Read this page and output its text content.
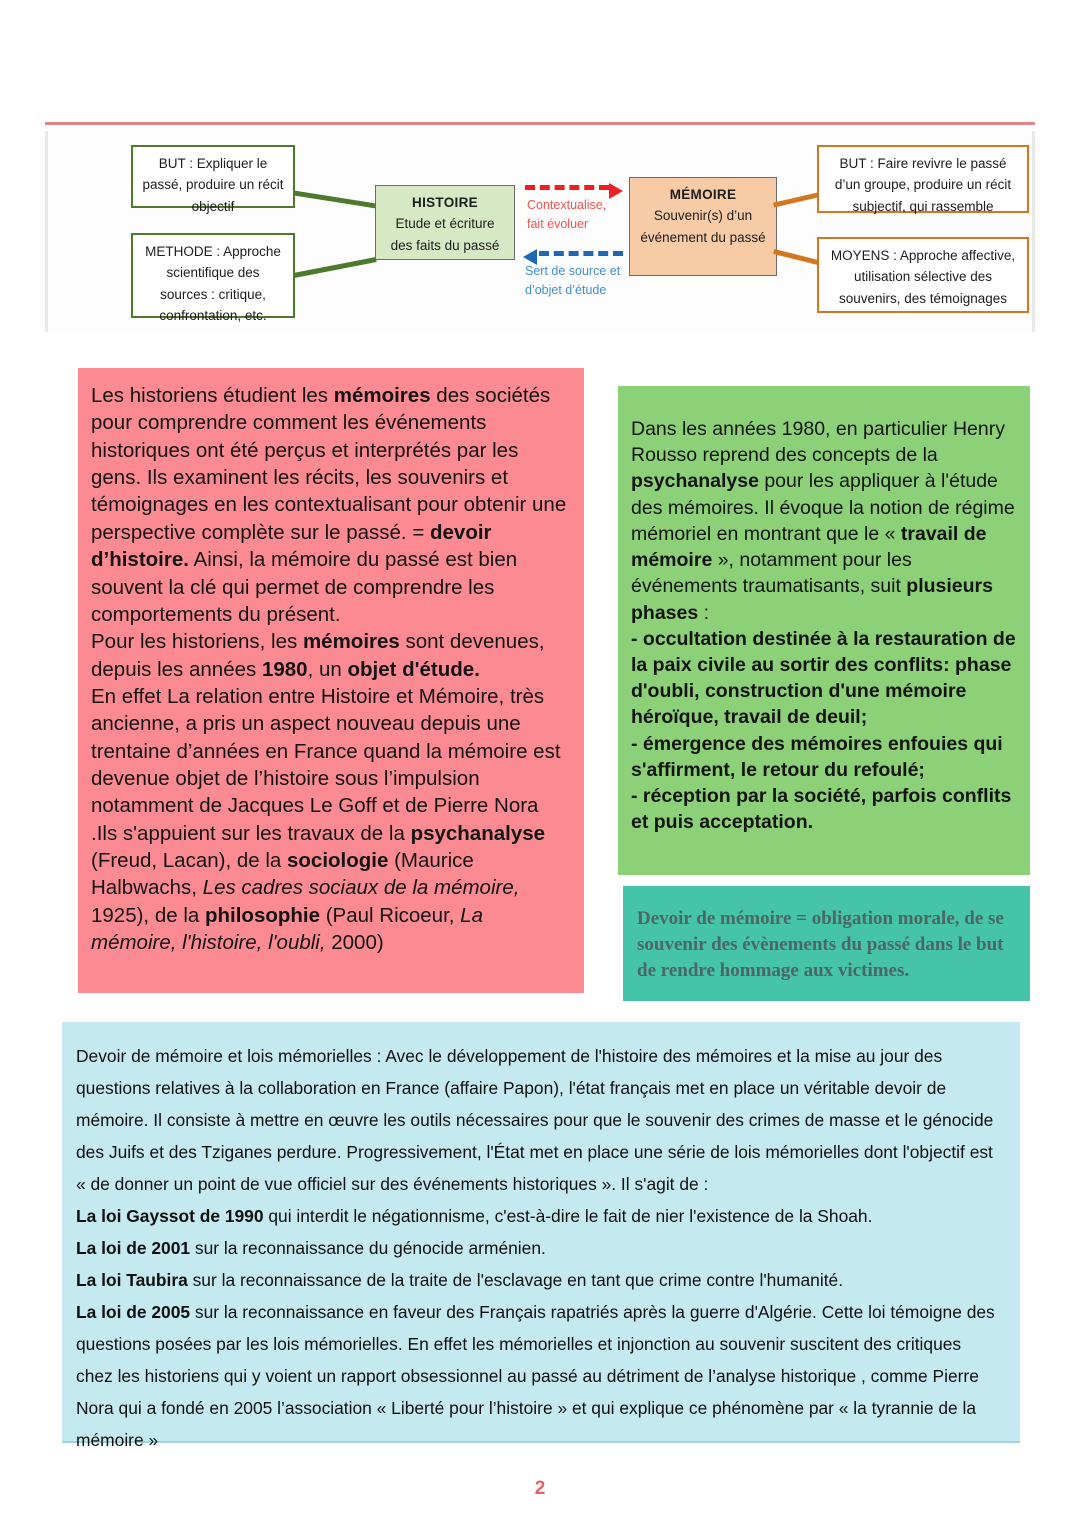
BUT : Expliquer le passé, produire un récit objectif
METHODE : Approche scientifique des sources : critique, confrontation, etc.
HISTOIRE
Etude et écriture des faits du passé
Contextualise, fait évoluer
Sert de source et d’objet d’étude
MÉMOIRE
Souvenir(s) d’un événement du passé
BUT : Faire revivre le passé d’un groupe, produire un récit subjectif, qui rassemble
MOYENS : Approche affective, utilisation sélective des souvenirs, des témoignages

Les historiens étudient les mémoires des sociétés pour comprendre comment les événements historiques ont été perçus et interprétés par les gens. Ils examinent les récits, les souvenirs et témoignages en les contextualisant pour obtenir une perspective complète sur le passé. = devoir d’histoire. Ainsi, la mémoire du passé est bien souvent la clé qui permet de comprendre les comportements du présent.

Pour les historiens, les mémoires sont devenues, depuis les années 1980, un objet d'étude.

En effet La relation entre Histoire et Mémoire, très ancienne, a pris un aspect nouveau depuis une trentaine d’années en France quand la mémoire est devenue objet de l’histoire sous l’impulsion notamment de Jacques Le Goff et de Pierre Nora .Ils s'appuient sur les travaux de la psychanalyse (Freud, Lacan), de la sociologie (Maurice Halbwachs, Les cadres sociaux de la mémoire, 1925), de la philosophie (Paul Ricoeur, La mémoire, l'histoire, l'oubli, 2000)

Dans les années 1980, en particulier Henry Rousso reprend des concepts de la psychanalyse pour les appliquer à l'étude des mémoires. Il évoque la notion de régime mémoriel en montrant que le « travail de mémoire », notamment pour les événements traumatisants, suit plusieurs phases :

- occultation destinée à la restauration de la paix civile au sortir des conflits: phase d'oubli, construction d'une mémoire héroïque, travail de deuil;

- émergence des mémoires enfouies qui s'affirment, le retour du refoulé;

- réception par la société, parfois conflits et puis acceptation.

Devoir de mémoire = obligation morale, de se souvenir des évènements du passé dans le but de rendre hommage aux victimes.

Devoir de mémoire et lois mémorielles : Avec le développement de l'histoire des mémoires et la mise au jour des questions relatives à la collaboration en France (affaire Papon), l'état français met en place un véritable devoir de mémoire. Il consiste à mettre en œuvre les outils nécessaires pour que le souvenir des crimes de masse et le génocide des Juifs et des Tziganes perdure. Progressivement, l'État met en place une série de lois mémorielles dont l'objectif est « de donner un point de vue officiel sur des événements historiques ». Il s'agit de :

La loi Gayssot de 1990 qui interdit le négationnisme, c'est-à-dire le fait de nier l'existence de la Shoah.

La loi de 2001 sur la reconnaissance du génocide arménien.

La loi Taubira sur la reconnaissance de la traite de l'esclavage en tant que crime contre l'humanité.

La loi de 2005 sur la reconnaissance en faveur des Français rapatriés après la guerre d'Algérie. Cette loi témoigne des questions posées par les lois mémorielles. En effet les mémorielles et injonction au souvenir suscitent des critiques chez les historiens qui y voient un rapport obsessionnel au passé au détriment de l’analyse historique , comme Pierre Nora qui a fondé en 2005 l’association « Liberté pour l’histoire » et qui explique ce phénomène par « la tyrannie de la mémoire »

2
